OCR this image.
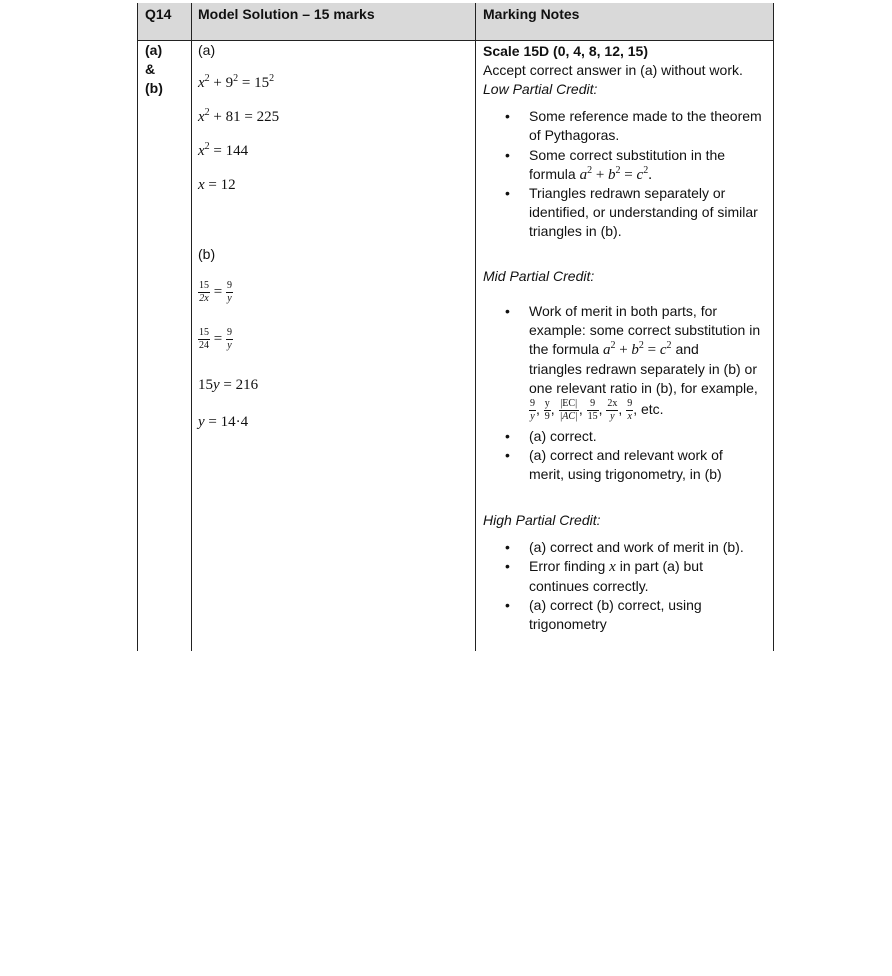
Q14 Model Solution – 15 marks	Marking Notes
(a)
&
(b)
(a)
$x^2 + 9^2 = 15^2$
$x^2 + 81 = 225$
$x^2 = 144$
x = 12
(b)
$\frac{15}{2x} = \frac{9}{y}$
$\frac{15}{24} = \frac{9}{y}$
15y = 216
y = 14·4
Scale 15D (0, 4, 8, 12, 15)
Accept correct answer in (a) without work.
Low Partial Credit:
• Some reference made to the theorem
of Pythagoras.
• Some correct substitution in the
formula $a^2 + b^2 = c^2$.
• Triangles redrawn separately or
identified, or understanding of similar
triangles in (b).
Mid Partial Credit:
• Work of merit in both parts, for
example: some correct substitution in
the formula $a^2 + b^2 = c^2$ and
triangles redrawn separately in (b) or
one relevant ratio in (b), for example,
$\frac{9}{y}$ , $\frac{y}{9}$ , $\frac{|EC|}{|AC|}$ , $\frac{9}{15}$ , $\frac{2x}{y}$ , $\frac{9}{x}$ , etc.
• (a) correct.
• (a) correct and relevant work of
merit, using trigonometry, in (b)
High Partial Credit:
• (a) correct and work of merit in (b).
• Error finding x in part (a) but
continues correctly.
• (a) correct (b) correct, using
trigonometry
